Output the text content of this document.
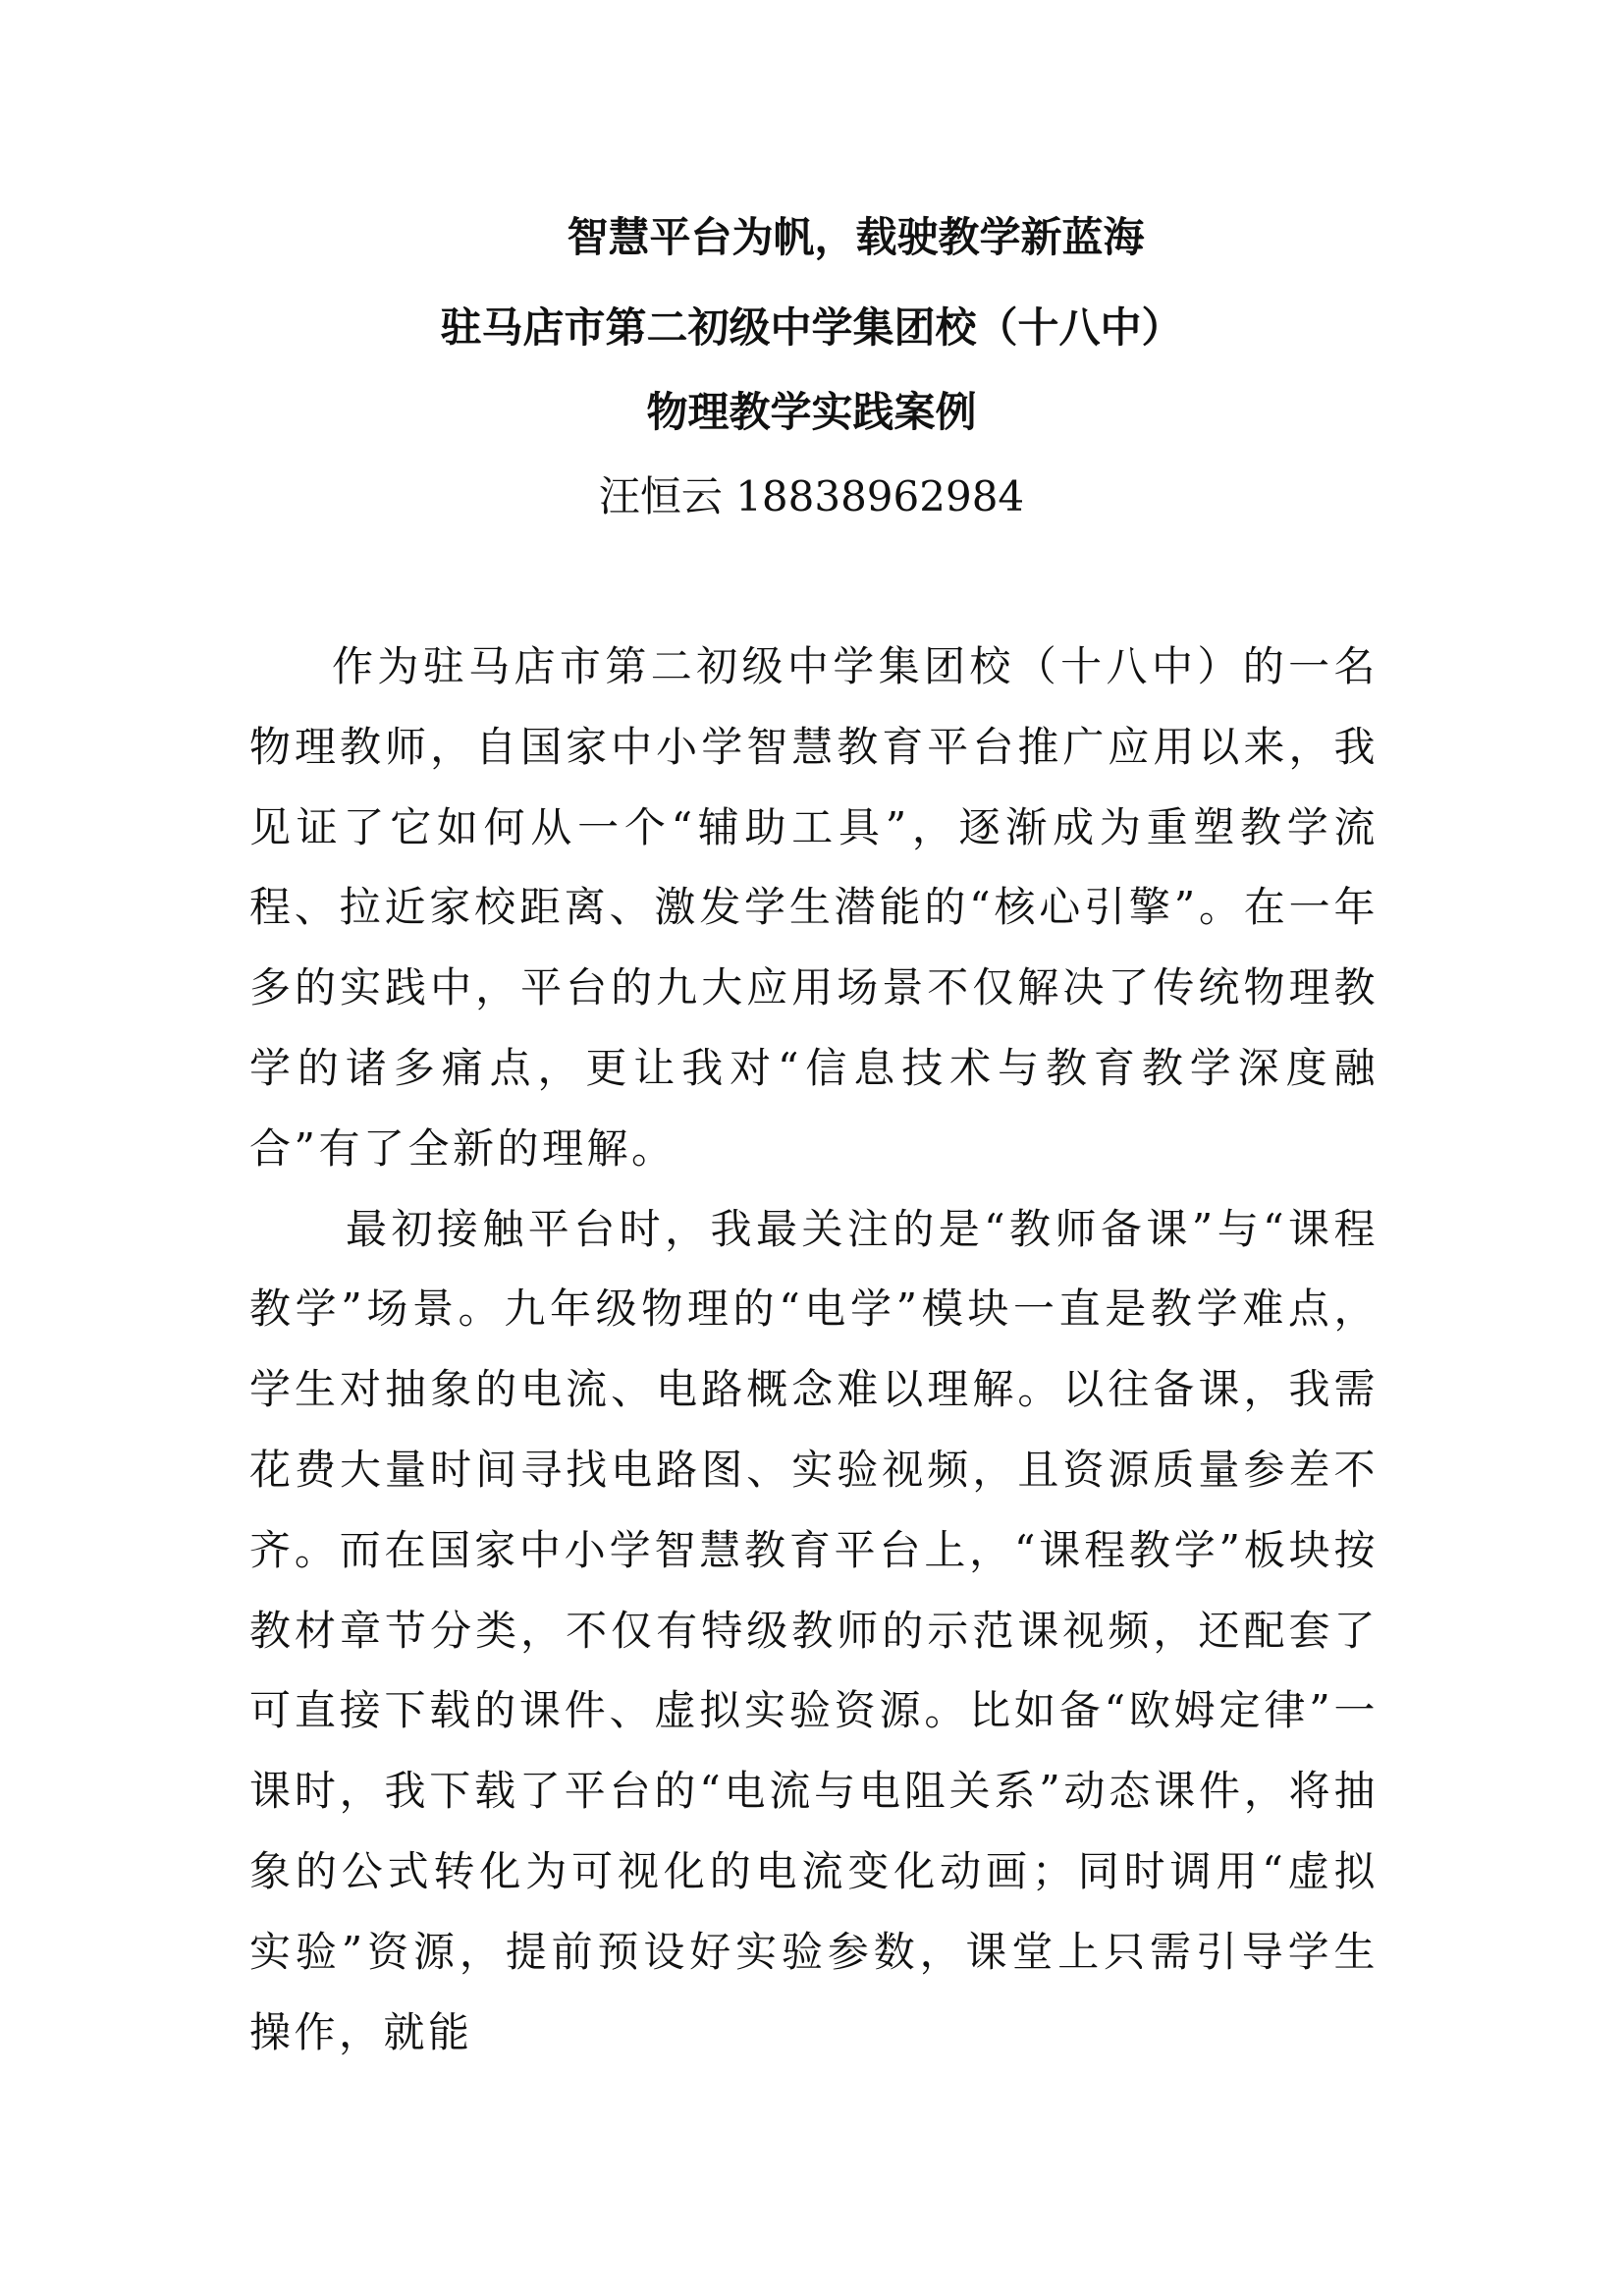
智慧平台为帆，载驶教学新蓝海
驻马店市第二初级中学集团校（十八中）
物理教学实践案例
汪恒云 18838962984

作为驻马店市第二初级中学集团校（十八中）的一名物理教师，自国家中小学智慧教育平台推广应用以来，我见证了它如何从一个“辅助工具”，逐渐成为重塑教学流程、拉近家校距离、激发学生潜能的“核心引擎”。在一年多的实践中，平台的九大应用场景不仅解决了传统物理教学的诸多痛点，更让我对“信息技术与教育教学深度融合”有了全新的理解。

最初接触平台时，我最关注的是“教师备课”与“课程教学”场景。九年级物理的“电学”模块一直是教学难点，学生对抽象的电流、电路概念难以理解。以往备课，我需花费大量时间寻找电路图、实验视频，且资源质量参差不齐。而在国家中小学智慧教育平台上，“课程教学”板块按教材章节分类，不仅有特级教师的示范课视频，还配套了可直接下载的课件、虚拟实验资源。比如备“欧姆定律”一课时，我下载了平台的“电流与电阻关系”动态课件，将抽象的公式转化为可视化的电流变化动画；同时调用“虚拟实验”资源，提前预设好实验参数，课堂上只需引导学生操作，就能
